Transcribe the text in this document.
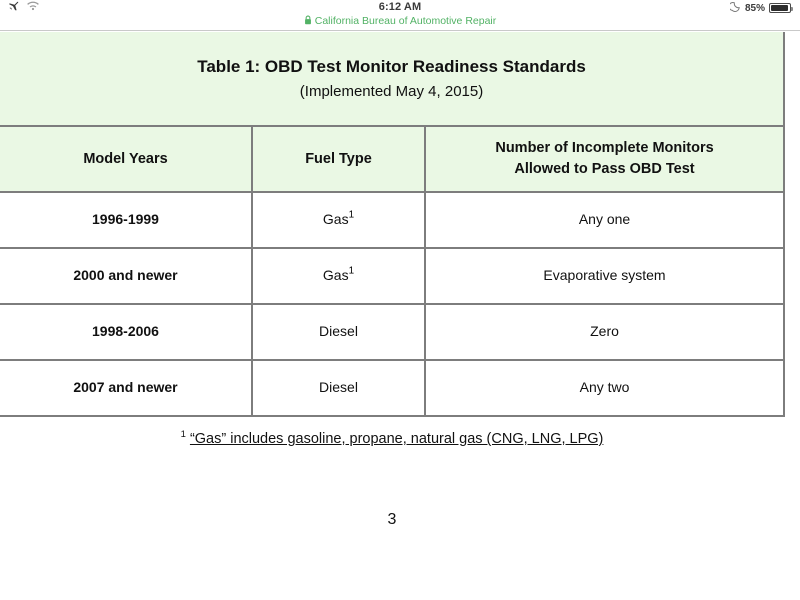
6:12 AM	85%
California Bureau of Automotive Repair
Table 1: OBD Test Monitor Readiness Standards
(Implemented May 4, 2015)		

Model Years	Fuel Type	Number of Incomplete Monitors
Allowed to Pass OBD Test

1996-1999	Gas$^1$	Any one
2000 and newer	Gas$^1$	Evaporative system
1998-2006	Diesel	Zero
2007 and newer	Diesel	Any two
$^1$ “Gas” includes gasoline, propane, natural gas (CNG, LNG, LPG)
3
